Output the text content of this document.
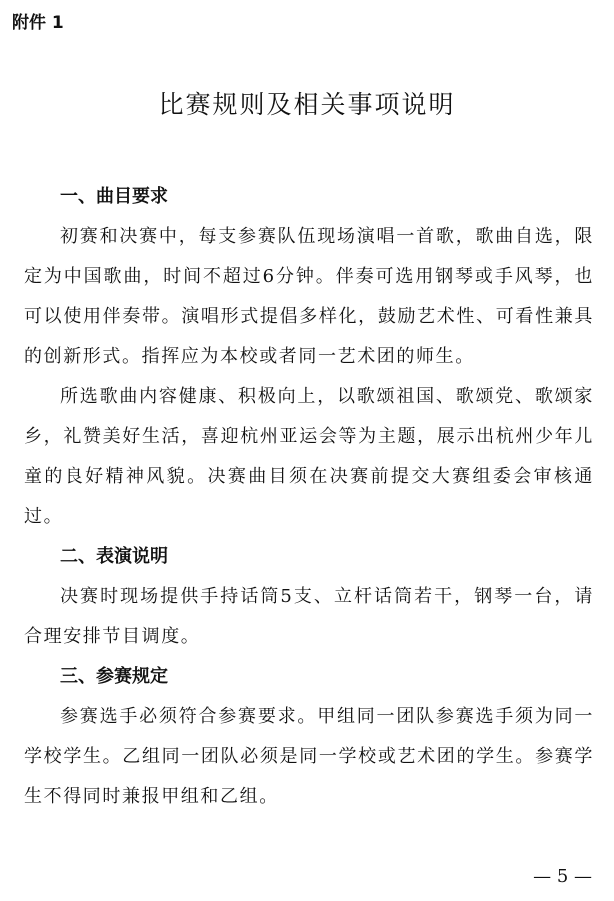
附件 1
比赛规则及相关事项说明
一、曲目要求

初赛和决赛中，每支参赛队伍现场演唱一首歌，歌曲自选，限定为中国歌曲，时间不超过6分钟。伴奏可选用钢琴或手风琴，也可以使用伴奏带。演唱形式提倡多样化，鼓励艺术性、可看性兼具的创新形式。指挥应为本校或者同一艺术团的师生。

所选歌曲内容健康、积极向上，以歌颂祖国、歌颂党、歌颂家乡，礼赞美好生活，喜迎杭州亚运会等为主题，展示出杭州少年儿童的良好精神风貌。决赛曲目须在决赛前提交大赛组委会审核通过。

二、表演说明

决赛时现场提供手持话筒5支、立杆话筒若干，钢琴一台，请合理安排节目调度。

三、参赛规定

参赛选手必须符合参赛要求。甲组同一团队参赛选手须为同一学校学生。乙组同一团队必须是同一学校或艺术团的学生。参赛学生不得同时兼报甲组和乙组。

— 5 —
